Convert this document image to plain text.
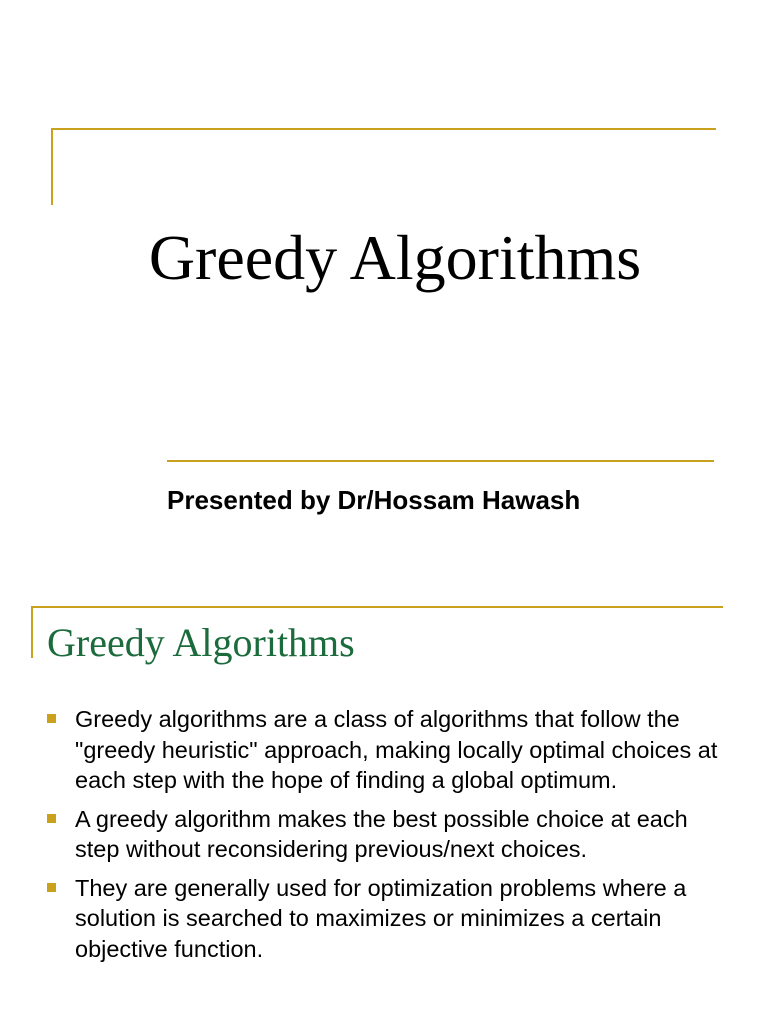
Greedy Algorithms
Presented by Dr/Hossam Hawash
Greedy Algorithms
Greedy algorithms are a class of algorithms that follow the "greedy heuristic" approach, making locally optimal choices at each step with the hope of finding a global optimum.
A greedy algorithm makes the best possible choice at each step without reconsidering previous/next choices.
They are generally used for optimization problems where a solution is searched to maximizes or minimizes a certain objective function.
